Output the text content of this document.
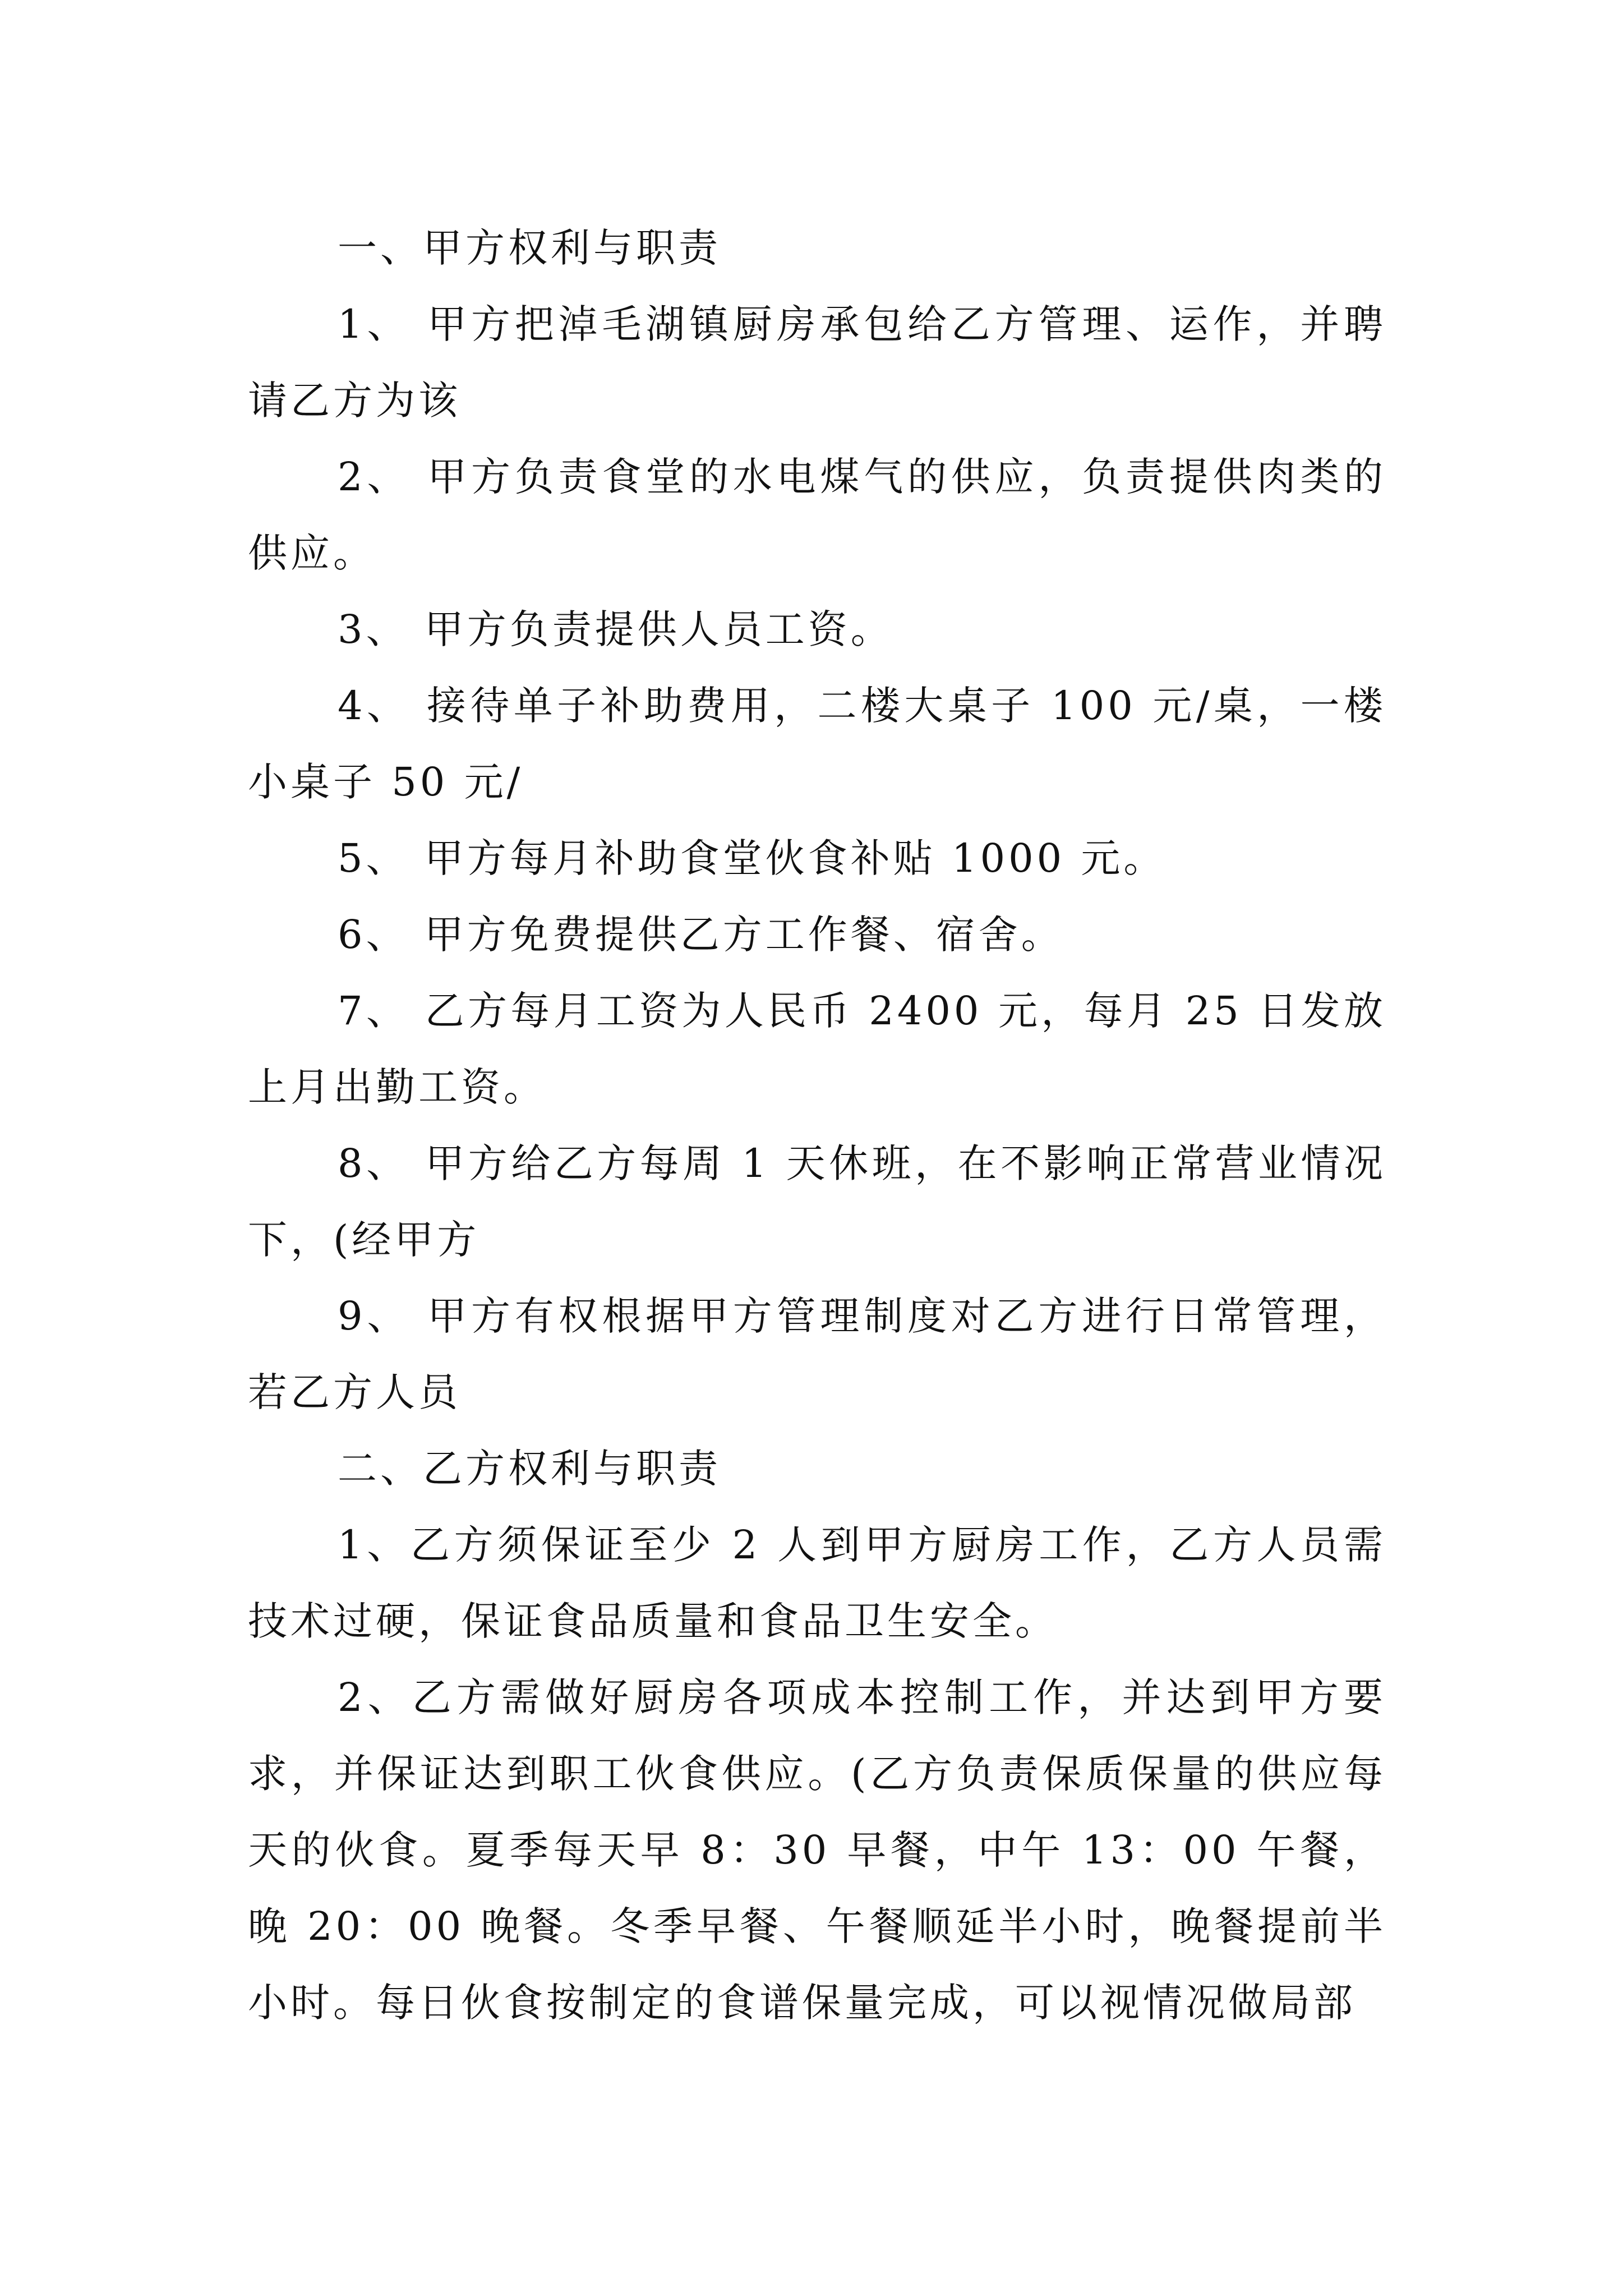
一、甲方权利与职责

1、 甲方把淖毛湖镇厨房承包给乙方管理、运作，并聘请乙方为该

2、 甲方负责食堂的水电煤气的供应，负责提供肉类的供应。

3、 甲方负责提供人员工资。

4、 接待单子补助费用，二楼大桌子 100 元/桌，一楼小桌子 50 元/

5、 甲方每月补助食堂伙食补贴 1000 元。

6、 甲方免费提供乙方工作餐、宿舍。

7、 乙方每月工资为人民币 2400 元，每月 25 日发放上月出勤工资。

8、 甲方给乙方每周 1 天休班，在不影响正常营业情况下，(经甲方

9、 甲方有权根据甲方管理制度对乙方进行日常管理，若乙方人员

二、乙方权利与职责

1、乙方须保证至少 2 人到甲方厨房工作，乙方人员需技术过硬，保证食品质量和食品卫生安全。

2、乙方需做好厨房各项成本控制工作，并达到甲方要求，并保证达到职工伙食供应。(乙方负责保质保量的供应每天的伙食。夏季每天早 8：30 早餐，中午 13：00 午餐，晚 20：00 晚餐。冬季早餐、午餐顺延半小时，晚餐提前半小时。每日伙食按制定的食谱保量完成，可以视情况做局部
